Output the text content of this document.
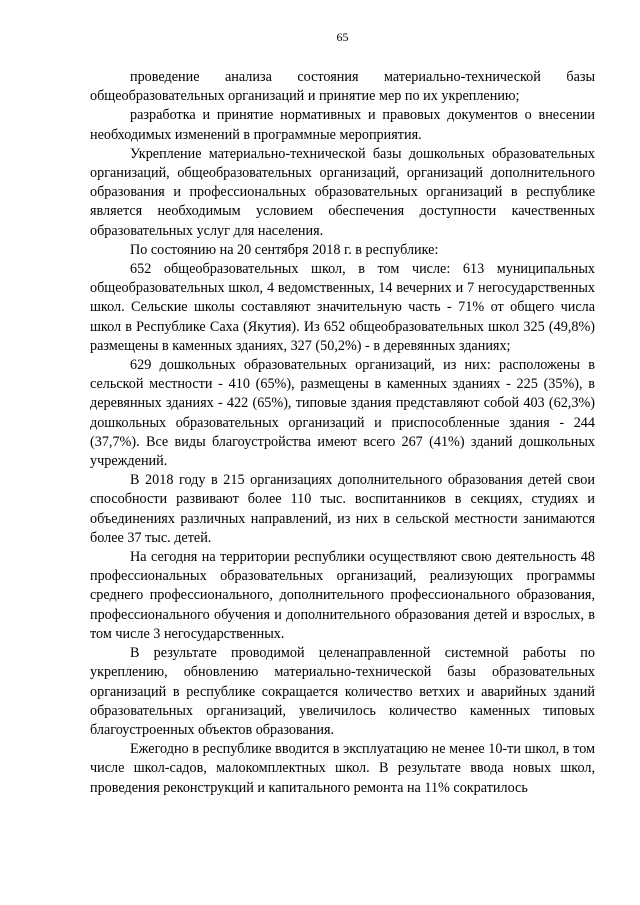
65

проведение анализа состояния материально-технической базы общеобразовательных организаций и принятие мер по их укреплению;

разработка и принятие нормативных и правовых документов о внесении необходимых изменений в программные мероприятия.

Укрепление материально-технической базы дошкольных образовательных организаций, общеобразовательных организаций, организаций дополнительного образования и профессиональных образовательных организаций в республике является необходимым условием обеспечения доступности качественных образовательных услуг для населения.

По состоянию на 20 сентября 2018 г. в республике:

652 общеобразовательных школ, в том числе: 613 муниципальных общеобразовательных школ, 4 ведомственных, 14 вечерних и 7 негосударственных школ. Сельские школы составляют значительную часть - 71% от общего числа школ в Республике Саха (Якутия). Из 652 общеобразовательных школ 325 (49,8%) размещены в каменных зданиях, 327 (50,2%) - в деревянных зданиях;

629 дошкольных образовательных организаций, из них: расположены в сельской местности - 410 (65%), размещены в каменных зданиях - 225 (35%), в деревянных зданиях - 422 (65%), типовые здания представляют собой 403 (62,3%) дошкольных образовательных организаций и приспособленные здания - 244 (37,7%). Все виды благоустройства имеют всего 267 (41%) зданий дошкольных учреждений.

В 2018 году в 215 организациях дополнительного образования детей свои способности развивают более 110 тыс. воспитанников в секциях, студиях и объединениях различных направлений, из них в сельской местности занимаются более 37 тыс. детей.

На сегодня на территории республики осуществляют свою деятельность 48 профессиональных образовательных организаций, реализующих программы среднего профессионального, дополнительного профессионального образования, профессионального обучения и дополнительного образования детей и взрослых, в том числе 3 негосударственных.

В результате проводимой целенаправленной системной работы по укреплению, обновлению материально-технической базы образовательных организаций в республике сокращается количество ветхих и аварийных зданий образовательных организаций, увеличилось количество каменных типовых благоустроенных объектов образования.

Ежегодно в республике вводится в эксплуатацию не менее 10-ти школ, в том числе школ-садов, малокомплектных школ. В результате ввода новых школ, проведения реконструкций и капитального ремонта на 11% сократилось
